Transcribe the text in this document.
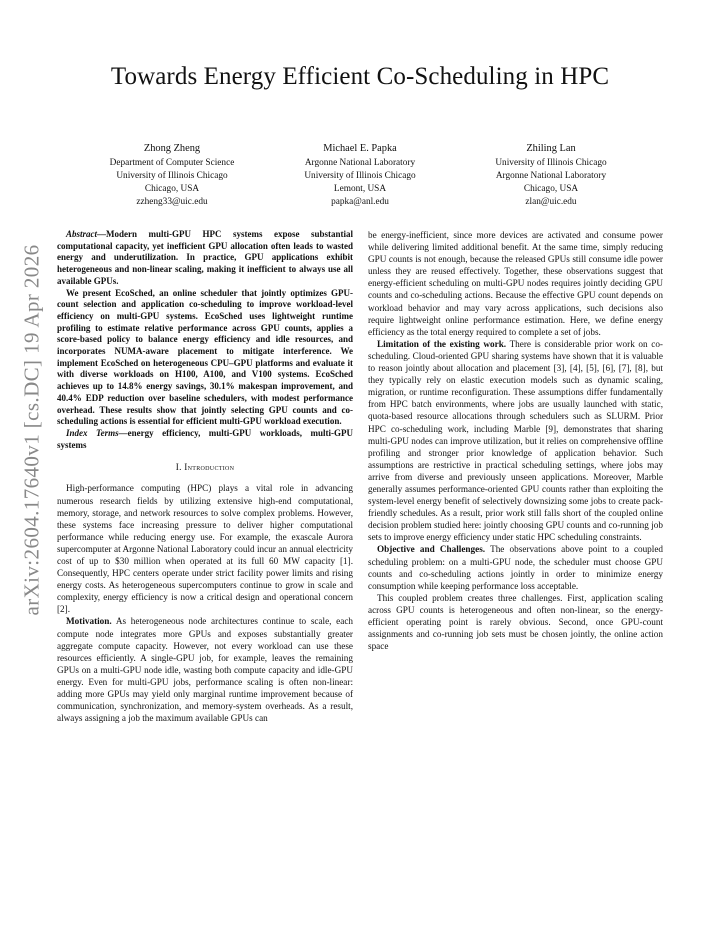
Towards Energy Efficient Co-Scheduling in HPC
Zhong Zheng
Department of Computer Science
University of Illinois Chicago
Chicago, USA
zzheng33@uic.edu
Michael E. Papka
Argonne National Laboratory
University of Illinois Chicago
Lemont, USA
papka@anl.edu
Zhiling Lan
University of Illinois Chicago
Argonne National Laboratory
Chicago, USA
zlan@uic.edu
arXiv:2604.17640v1 [cs.DC] 19 Apr 2026

Abstract—Modern multi-GPU HPC systems expose substantial computational capacity, yet inefficient GPU allocation often leads to wasted energy and underutilization. In practice, GPU applications exhibit heterogeneous and non-linear scaling, making it inefficient to always use all available GPUs.

We present EcoSched, an online scheduler that jointly optimizes GPU-count selection and application co-scheduling to improve workload-level efficiency on multi-GPU systems. EcoSched uses lightweight runtime profiling to estimate relative performance across GPU counts, applies a score-based policy to balance energy efficiency and idle resources, and incorporates NUMA-aware placement to mitigate interference. We implement EcoSched on heterogeneous CPU–GPU platforms and evaluate it with diverse workloads on H100, A100, and V100 systems. EcoSched achieves up to 14.8% energy savings, 30.1% makespan improvement, and 40.4% EDP reduction over baseline schedulers, with modest performance overhead. These results show that jointly selecting GPU counts and co-scheduling actions is essential for efficient multi-GPU workload execution.

Index Terms—energy efficiency, multi-GPU workloads, multi-GPU systems

I. Introduction

High-performance computing (HPC) plays a vital role in advancing numerous research fields by utilizing extensive high-end computational, memory, storage, and network resources to solve complex problems. However, these systems face increasing pressure to deliver higher computational performance while reducing energy use. For example, the exascale Aurora supercomputer at Argonne National Laboratory could incur an annual electricity cost of up to $30 million when operated at its full 60 MW capacity [1]. Consequently, HPC centers operate under strict facility power limits and rising energy costs. As heterogeneous supercomputers continue to grow in scale and complexity, energy efficiency is now a critical design and operational concern [2].

Motivation. As heterogeneous node architectures continue to scale, each compute node integrates more GPUs and exposes substantially greater aggregate compute capacity. However, not every workload can use these resources efficiently. A single-GPU job, for example, leaves the remaining GPUs on a multi-GPU node idle, wasting both compute capacity and idle-GPU energy. Even for multi-GPU jobs, performance scaling is often non-linear: adding more GPUs may yield only marginal runtime improvement because of communication, synchronization, and memory-system overheads. As a result, always assigning a job the maximum available GPUs can

be energy-inefficient, since more devices are activated and consume power while delivering limited additional benefit. At the same time, simply reducing GPU counts is not enough, because the released GPUs still consume idle power unless they are reused effectively. Together, these observations suggest that energy-efficient scheduling on multi-GPU nodes requires jointly deciding GPU counts and co-scheduling actions. Because the effective GPU count depends on workload behavior and may vary across applications, such decisions also require lightweight online performance estimation. Here, we define energy efficiency as the total energy required to complete a set of jobs.

Limitation of the existing work. There is considerable prior work on co-scheduling. Cloud-oriented GPU sharing systems have shown that it is valuable to reason jointly about allocation and placement [3], [4], [5], [6], [7], [8], but they typically rely on elastic execution models such as dynamic scaling, migration, or runtime reconfiguration. These assumptions differ fundamentally from HPC batch environments, where jobs are usually launched with static, quota-based resource allocations through schedulers such as SLURM. Prior HPC co-scheduling work, including Marble [9], demonstrates that sharing multi-GPU nodes can improve utilization, but it relies on comprehensive offline profiling and stronger prior knowledge of application behavior. Such assumptions are restrictive in practical scheduling settings, where jobs may arrive from diverse and previously unseen applications. Moreover, Marble generally assumes performance-oriented GPU counts rather than exploiting the system-level energy benefit of selectively downsizing some jobs to create pack-friendly schedules. As a result, prior work still falls short of the coupled online decision problem studied here: jointly choosing GPU counts and co-running job sets to improve energy efficiency under static HPC scheduling constraints.

Objective and Challenges. The observations above point to a coupled scheduling problem: on a multi-GPU node, the scheduler must choose GPU counts and co-scheduling actions jointly in order to minimize energy consumption while keeping performance loss acceptable.

This coupled problem creates three challenges. First, application scaling across GPU counts is heterogeneous and often non-linear, so the energy-efficient operating point is rarely obvious. Second, once GPU-count assignments and co-running job sets must be chosen jointly, the online action space
